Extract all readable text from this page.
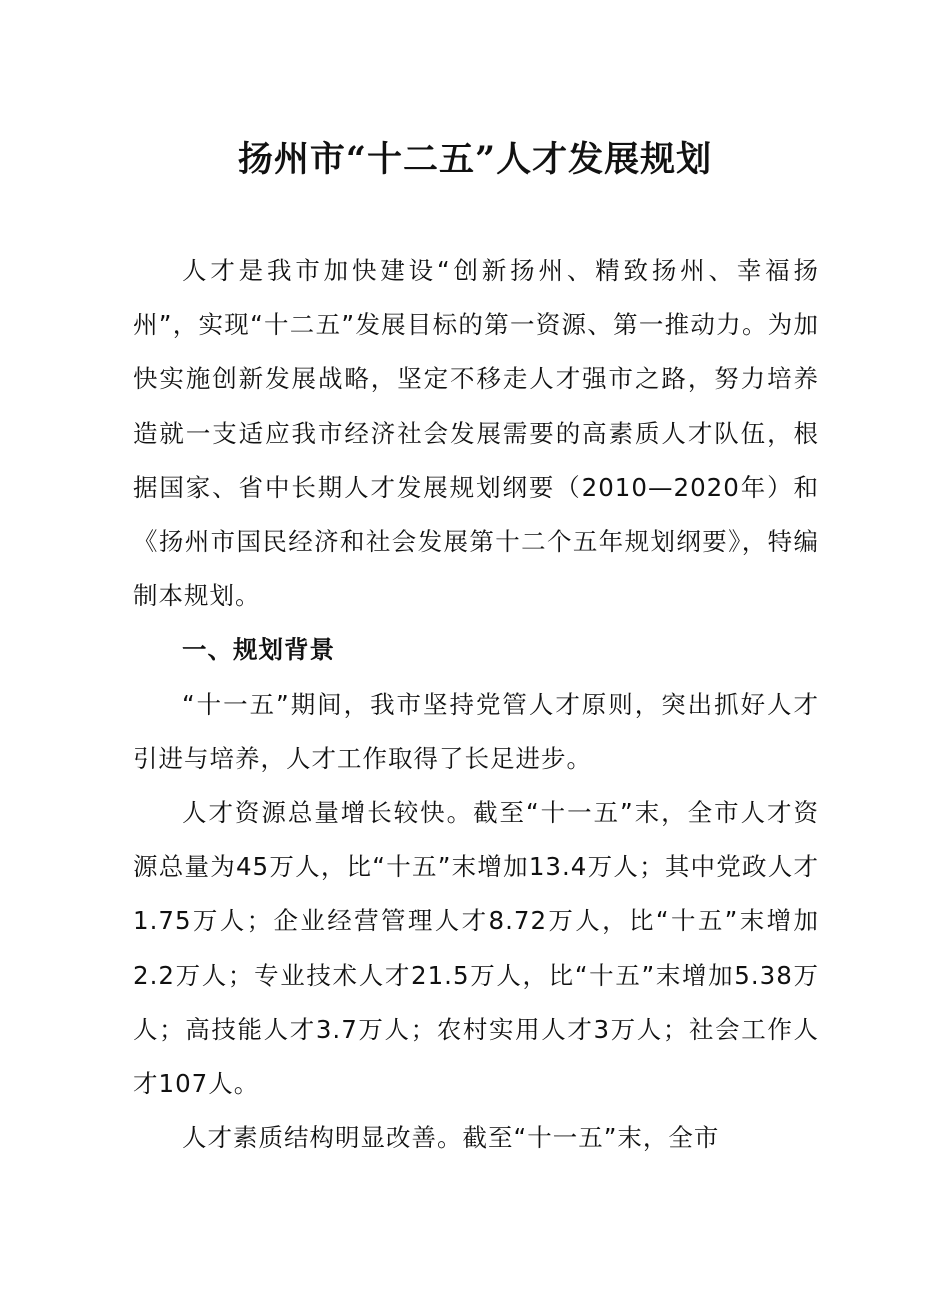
扬州市“十二五”人才发展规划

人才是我市加快建设“创新扬州、精致扬州、幸福扬州”，实现“十二五”发展目标的第一资源、第一推动力。为加快实施创新发展战略，坚定不移走人才强市之路，努力培养造就一支适应我市经济社会发展需要的高素质人才队伍，根据国家、省中长期人才发展规划纲要（2010—2020年）和《扬州市国民经济和社会发展第十二个五年规划纲要》，特编制本规划。

一、规划背景

“十一五”期间，我市坚持党管人才原则，突出抓好人才引进与培养，人才工作取得了长足进步。

人才资源总量增长较快。截至“十一五”末，全市人才资源总量为45万人，比“十五”末增加13.4万人；其中党政人才1.75万人；企业经营管理人才8.72万人，比“十五”末增加2.2万人；专业技术人才21.5万人，比“十五”末增加5.38万人；高技能人才3.7万人；农村实用人才3万人；社会工作人才107人。

人才素质结构明显改善。截至“十一五”末，全市
